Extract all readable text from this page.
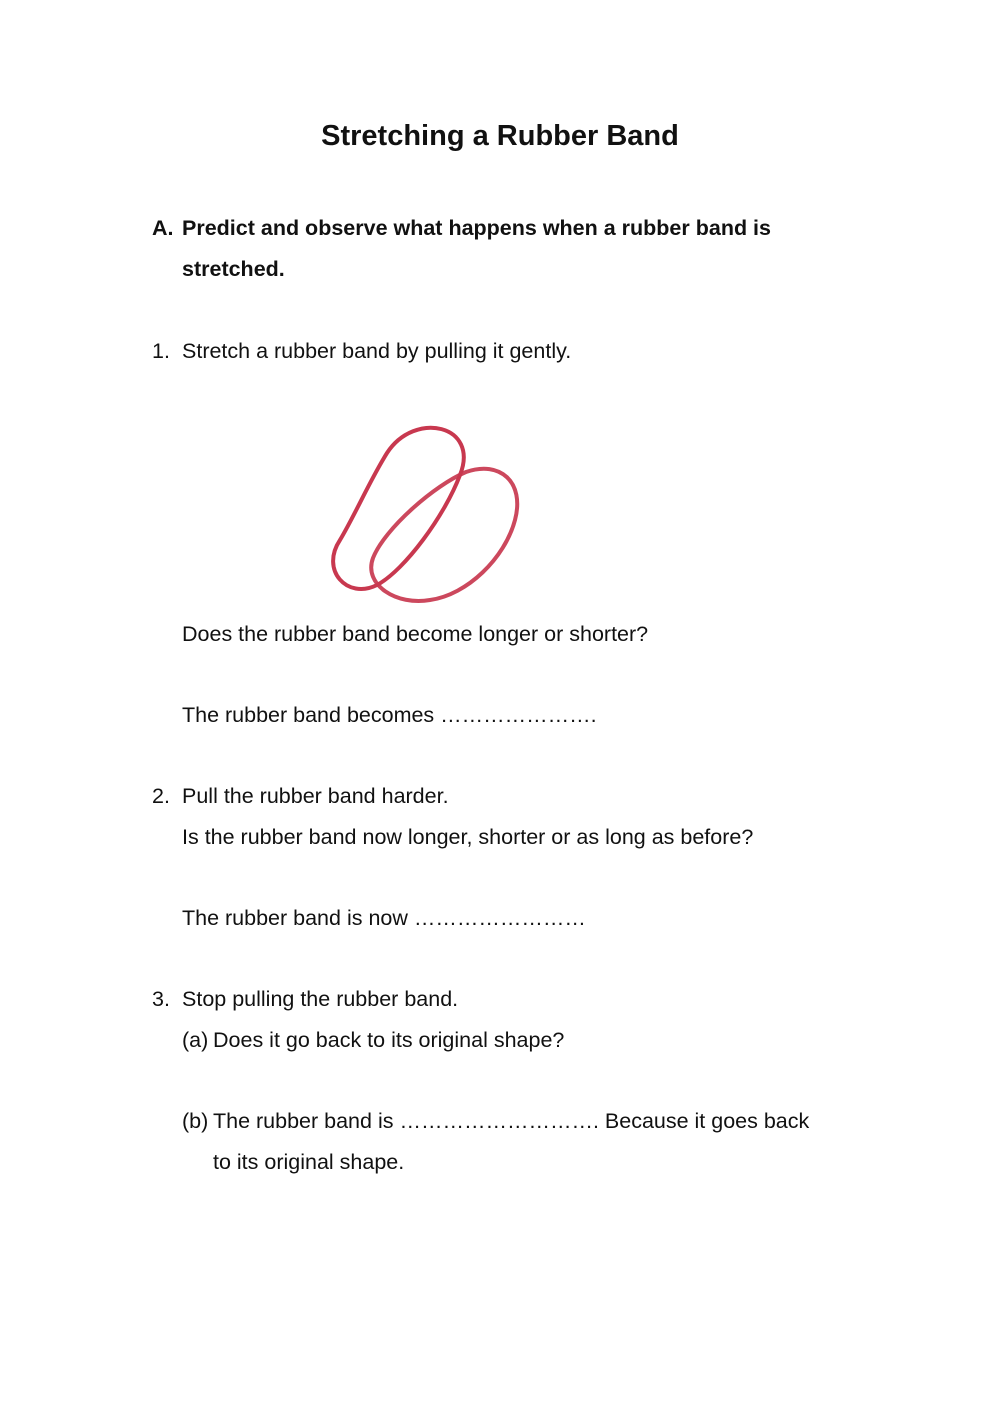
Stretching a Rubber Band
A. Predict and observe what happens when a rubber band is
stretched.
1. Stretch a rubber band by pulling it gently.
Does the rubber band become longer or shorter?
The rubber band becomes ………………….
2. Pull the rubber band harder.
Is the rubber band now longer, shorter or as long as before?
The rubber band is now ……………………
3. Stop pulling the rubber band.
(a) Does it go back to its original shape?
(b) The rubber band is ………………………. Because it goes back
to its original shape.
